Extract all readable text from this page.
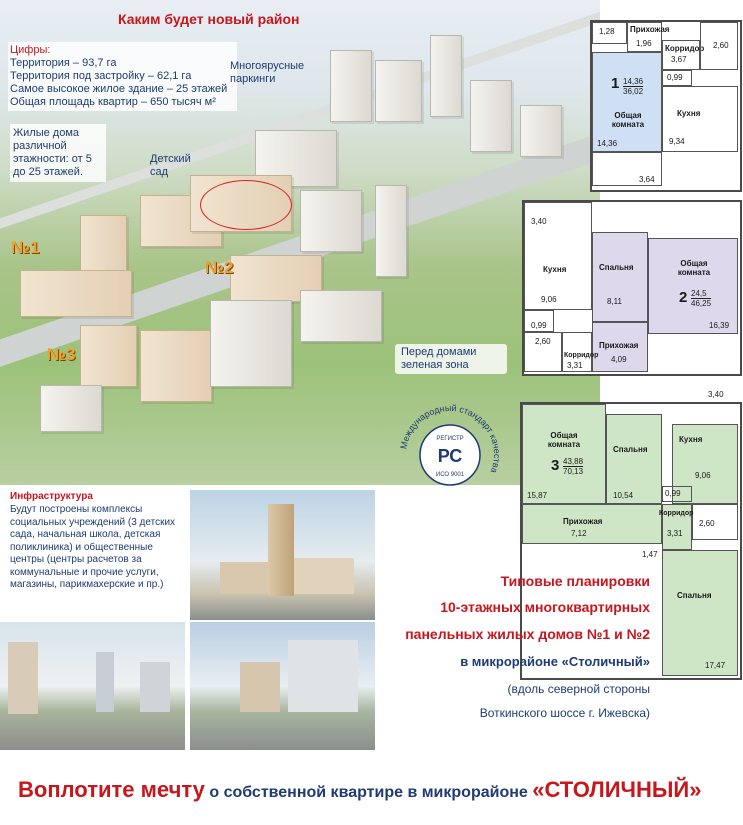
Каким будет новый район
Цифры:
Территория – 93,7 га
Территория под застройку – 62,1 га
Самое высокое жилое здание – 25 этажей
Общая площадь квартир – 650 тысяч м²
Многоярусные паркинги
Жилые дома различной этажности: от 5 до 25 этажей.
Детский сад
Перед домами зеленая зона
№1
№2
№3
Международный стандарт качества
РЕГИСТР
РС
ИСО 9001
1,28 Прихожая
1,96
Корридор
3,67
2,60
0,99
$1 \frac{14,36}{36,02}$
Общая комната
14,36
Кухня
9,34
3,64
3,40
Кухня
9,06
Спальня
8,11
Общая комната
$2 \frac{24,5}{46,25}$
16,39
0,99
2,60	Прихожая
4,09
Корридор
3,31
Общая комната
$3 \frac{43,88}{70,13}$
15,87
Спальня
10,54
Кухня
9,06
3,40
0,99
2,60
Прихожая
7,12
Корридор
3,31
1,47
Спальня
17,47
Инфраструктура
Будут построены комплексы социальных учреждений (3 детских сада, начальная школа, детская поликлиника) и общественные центры (центры расчетов за коммунальные и прочие услуги, магазины, парикмахерские и пр.)	Типовые планировки
10-этажных многоквартирных
панельных жилых домов №1 и №2
в микрорайоне «Столичный»
(вдоль северной стороны
Воткинского шоссе г. Ижевска)
Воплотите мечту о собственной квартире в микрорайоне «СТОЛИЧНЫЙ»
